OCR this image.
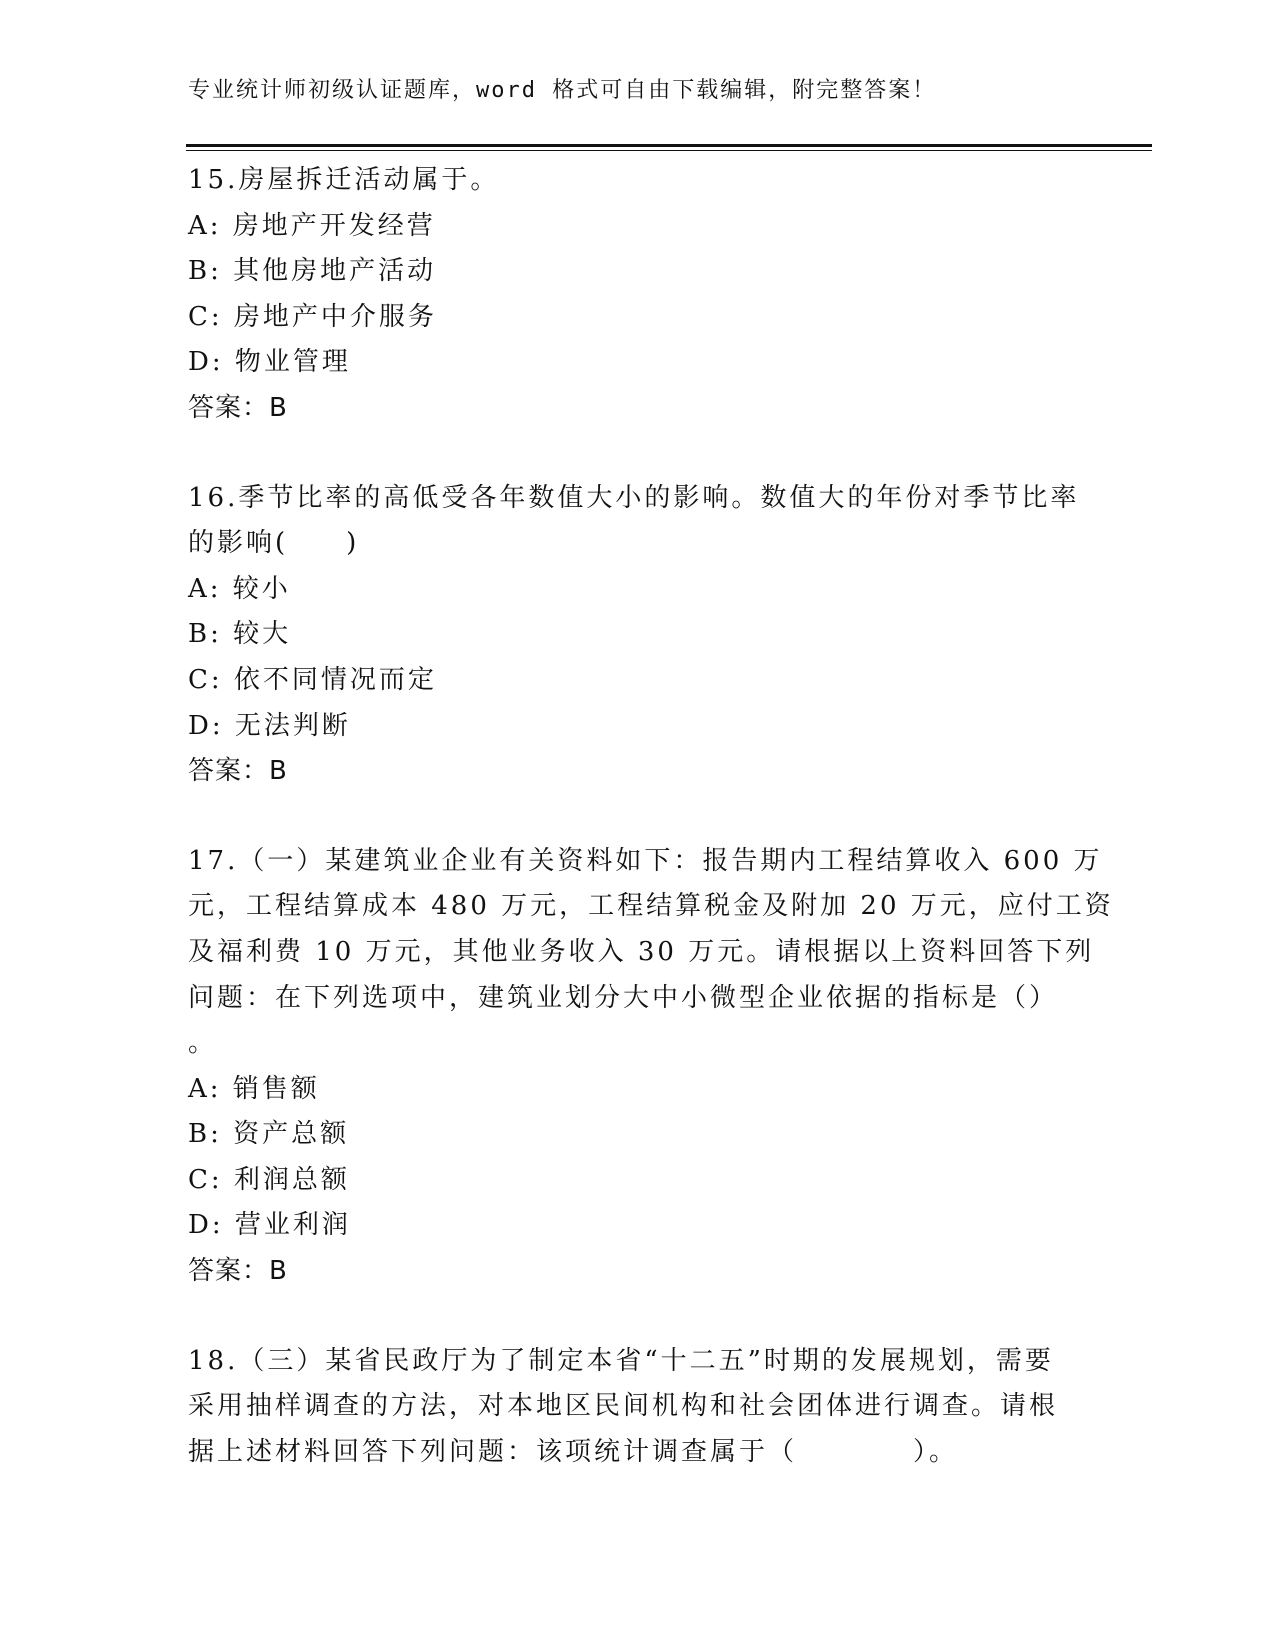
专业统计师初级认证题库，word 格式可自由下载编辑，附完整答案！
15.房屋拆迁活动属于。
A: 房地产开发经营
B: 其他房地产活动
C: 房地产中介服务
D: 物业管理
答案：B
16.季节比率的高低受各年数值大小的影响。数值大的年份对季节比率
的影响(　　)
A: 较小
B: 较大
C: 依不同情况而定
D: 无法判断
答案：B
17.（一）某建筑业企业有关资料如下：报告期内工程结算收入 600 万
元，工程结算成本 480 万元，工程结算税金及附加 20 万元，应付工资
及福利费 10 万元，其他业务收入 30 万元。请根据以上资料回答下列
问题：在下列选项中，建筑业划分大中小微型企业依据的指标是（）
。
A: 销售额
B: 资产总额
C: 利润总额
D: 营业利润
答案：B
18.（三）某省民政厅为了制定本省“十二五”时期的发展规划，需要
采用抽样调查的方法，对本地区民间机构和社会团体进行调查。请根
据上述材料回答下列问题：该项统计调查属于（　　　　）。
